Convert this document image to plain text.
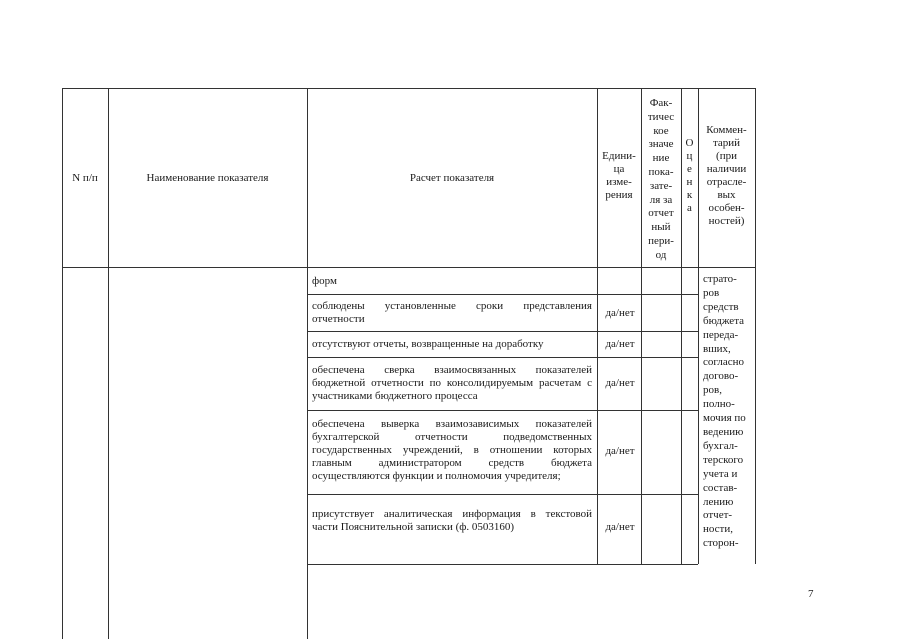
N п/п	Наименование показателя	Расчет показателя
Едини-
ца
изме-
рения
Фак-
тичес
кое
значе
ние
пока-
зате-
ля за
отчет
ный
пери-
од
О
ц
е
н
к
а
Коммен-
тарий
(при
наличии
отрасле-
вых
особен-
ностей)
форм
соблюдены установленные сроки представления отчетности
отсутствуют отчеты, возвращенные на доработку
обеспечена сверка взаимосвязанных показателей бюджетной отчетности по консолидируемым расчетам с участниками бюджетного процесса
обеспечена выверка взаимозависимых показателей бухгалтерской отчетности подведомственных государственных учреждений, в отношении которых главным администратором средств бюджета осуществляются функции и полномочия учредителя;
присутствует аналитическая информация в текстовой части Пояснительной записки (ф. 0503160)
да/нет
да/нет
да/нет
да/нет
да/нет
страто-
ров
средств
бюджета
переда-
вших,
согласно
догово-
ров,
полно-
мочия по
ведению
бухгал-
терского
учета и
состав-
лению
отчет-
ности,
сторон-
7
